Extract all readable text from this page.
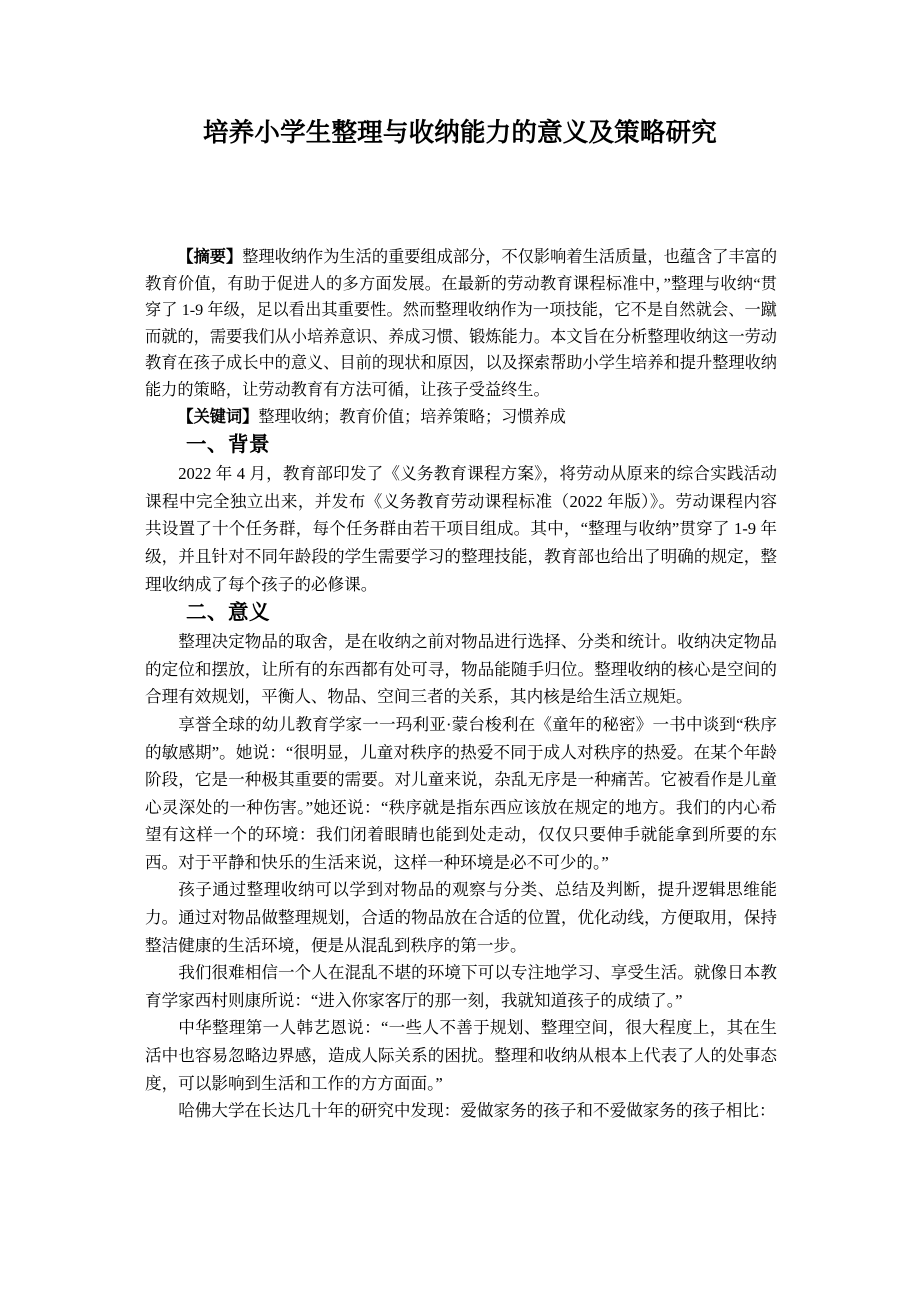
培养小学生整理与收纳能力的意义及策略研究

【摘要】整理收纳作为生活的重要组成部分，不仅影响着生活质量，也蕴含了丰富的教育价值，有助于促进人的多方面发展。在最新的劳动教育课程标准中，”整理与收纳“贯穿了 1-9 年级，足以看出其重要性。然而整理收纳作为一项技能，它不是自然就会、一蹴而就的，需要我们从小培养意识、养成习惯、锻炼能力。本文旨在分析整理收纳这一劳动教育在孩子成长中的意义、目前的现状和原因，以及探索帮助小学生培养和提升整理收纳能力的策略，让劳动教育有方法可循，让孩子受益终生。

【关键词】整理收纳；教育价值；培养策略；习惯养成

一、背景

2022 年 4 月，教育部印发了《义务教育课程方案》，将劳动从原来的综合实践活动课程中完全独立出来，并发布《义务教育劳动课程标准（2022 年版）》。劳动课程内容共设置了十个任务群，每个任务群由若干项目组成。其中，“整理与收纳”贯穿了 1-9 年级，并且针对不同年龄段的学生需要学习的整理技能，教育部也给出了明确的规定，整理收纳成了每个孩子的必修课。

二、意义

整理决定物品的取舍，是在收纳之前对物品进行选择、分类和统计。收纳决定物品的定位和摆放，让所有的东西都有处可寻，物品能随手归位。整理收纳的核心是空间的合理有效规划，平衡人、物品、空间三者的关系，其内核是给生活立规矩。

享誉全球的幼儿教育学家一一玛利亚·蒙台梭利在《童年的秘密》一书中谈到“秩序的敏感期”。她说：“很明显，儿童对秩序的热爱不同于成人对秩序的热爱。在某个年龄阶段，它是一种极其重要的需要。对儿童来说，杂乱无序是一种痛苦。它被看作是儿童心灵深处的一种伤害。”她还说：“秩序就是指东西应该放在规定的地方。我们的内心希望有这样一个的环境：我们闭着眼睛也能到处走动，仅仅只要伸手就能拿到所要的东西。对于平静和快乐的生活来说，这样一种环境是必不可少的。”

孩子通过整理收纳可以学到对物品的观察与分类、总结及判断，提升逻辑思维能力。通过对物品做整理规划，合适的物品放在合适的位置，优化动线，方便取用，保持整洁健康的生活环境，便是从混乱到秩序的第一步。

我们很难相信一个人在混乱不堪的环境下可以专注地学习、享受生活。就像日本教育学家西村则康所说：“进入你家客厅的那一刻，我就知道孩子的成绩了。”

中华整理第一人韩艺恩说：“一些人不善于规划、整理空间，很大程度上，其在生活中也容易忽略边界感，造成人际关系的困扰。整理和收纳从根本上代表了人的处事态度，可以影响到生活和工作的方方面面。”

哈佛大学在长达几十年的研究中发现：爱做家务的孩子和不爱做家务的孩子相比：
